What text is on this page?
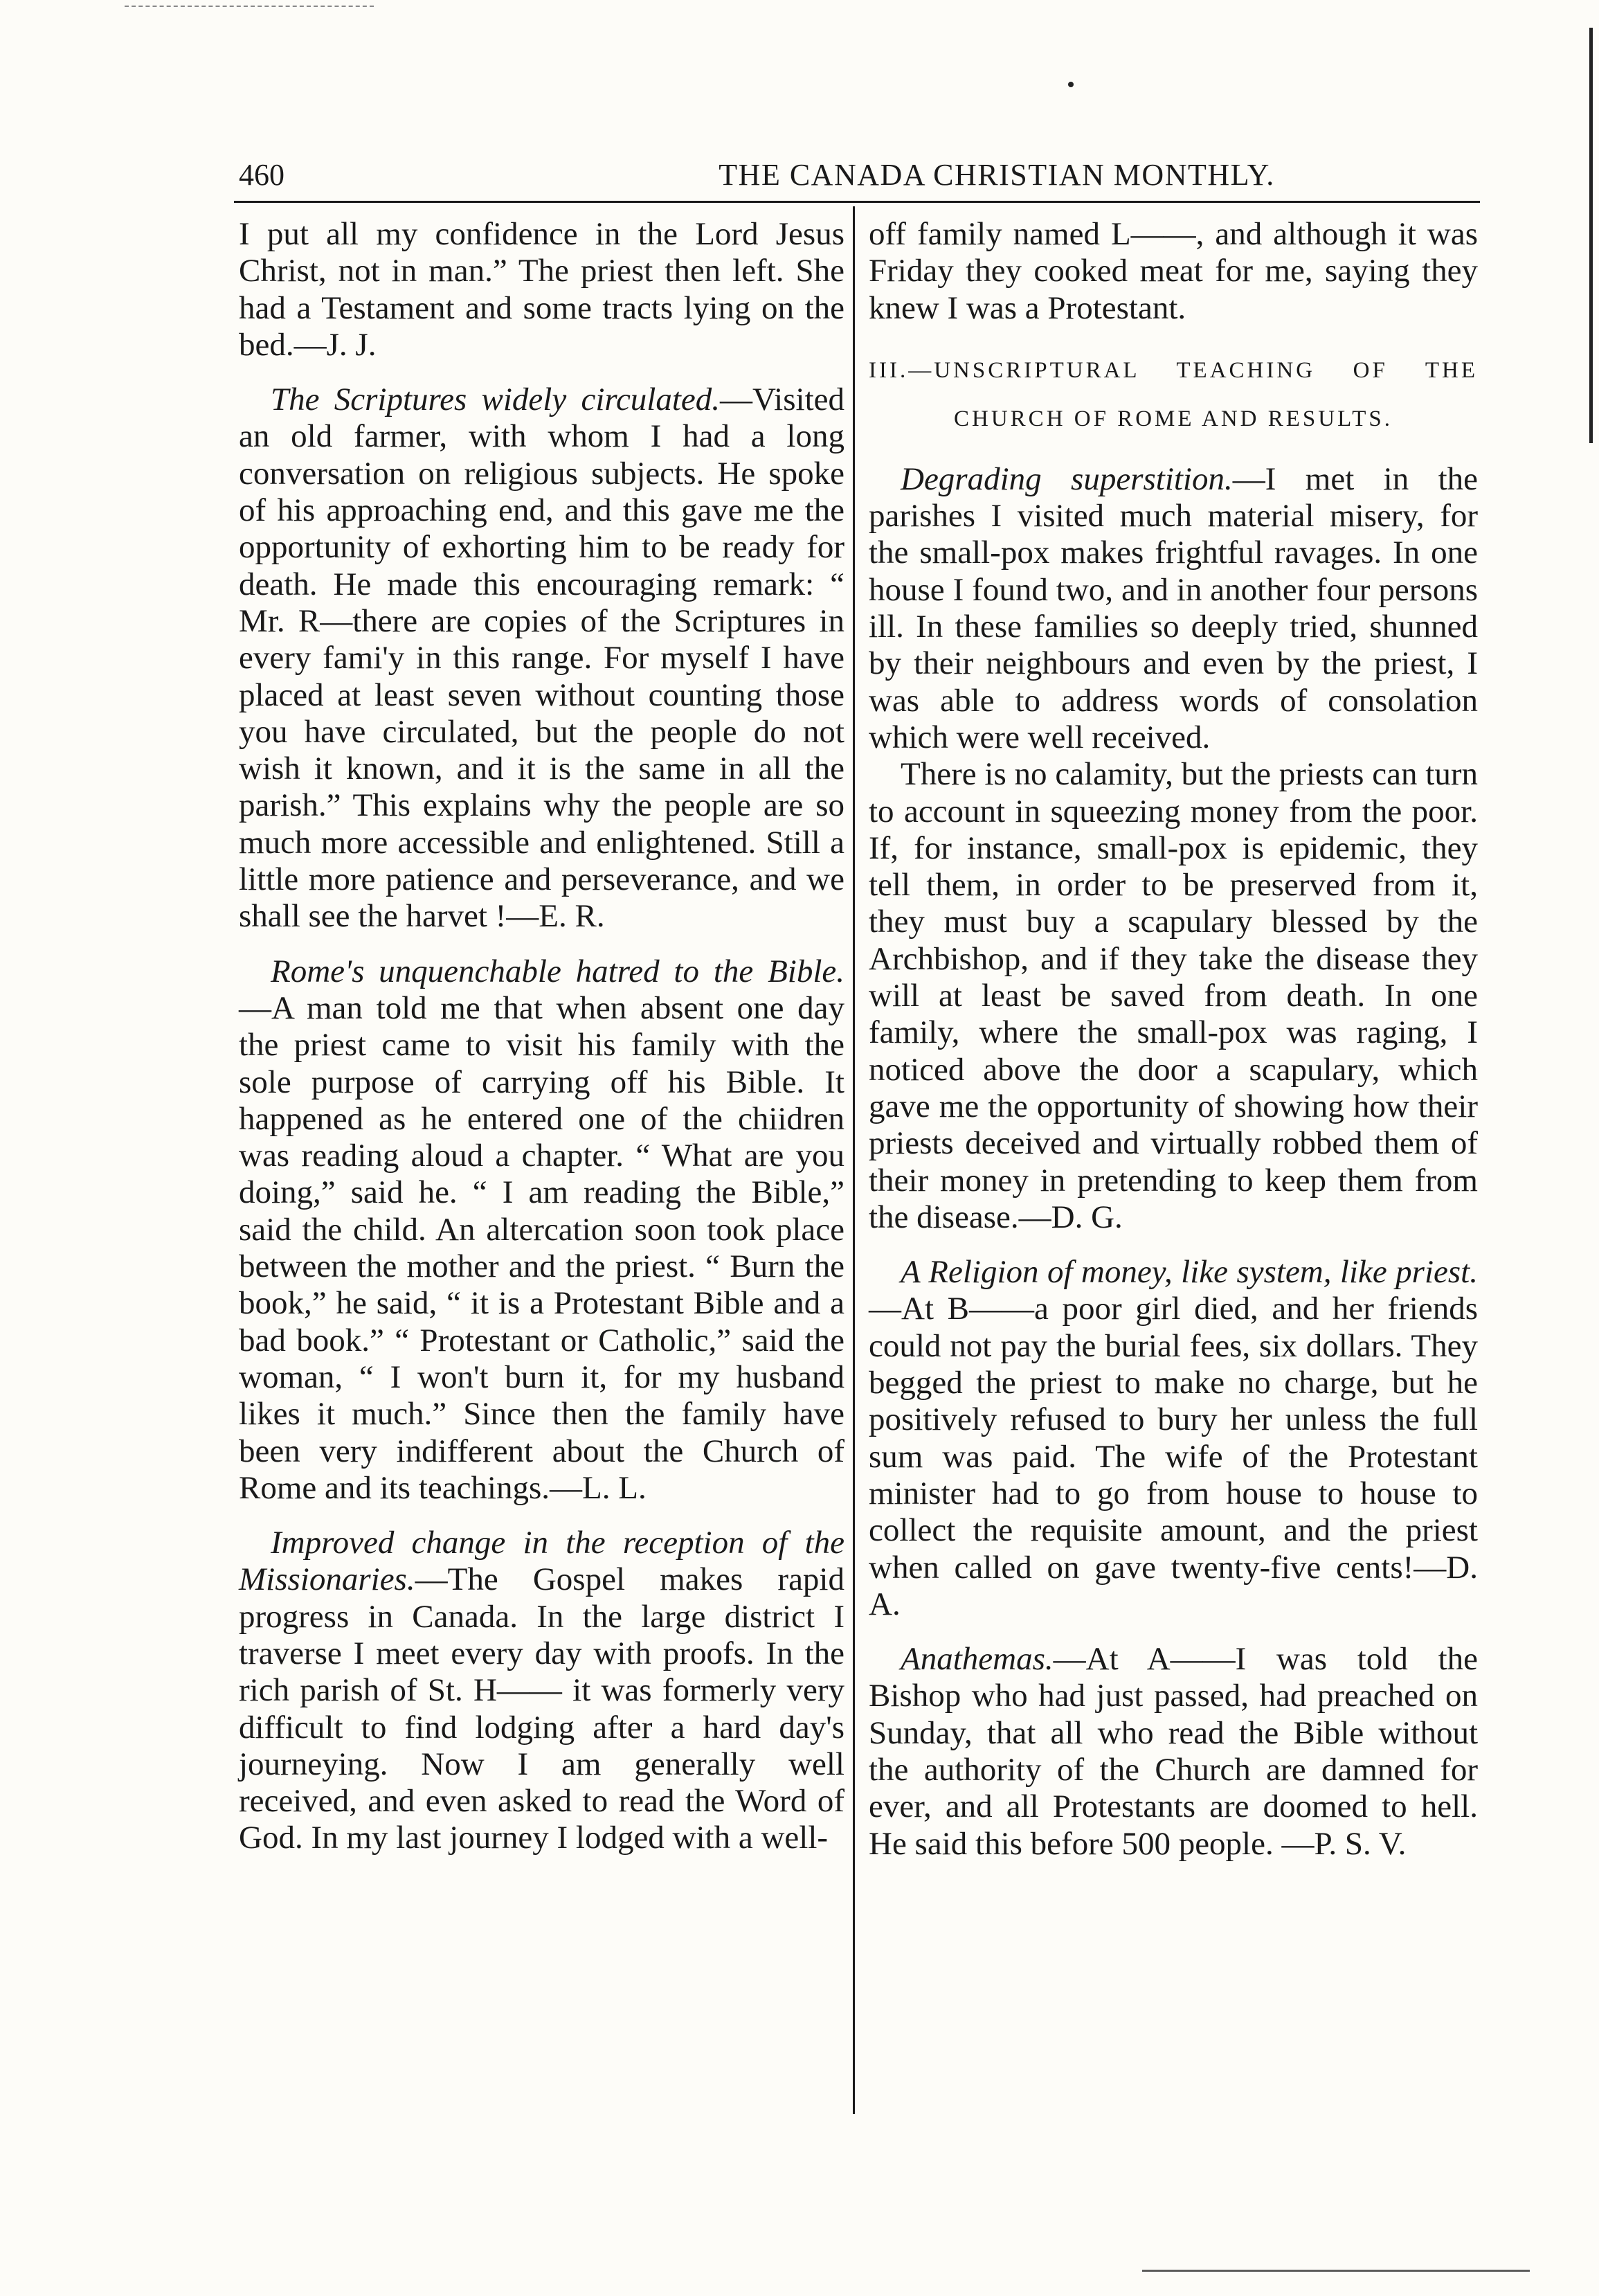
460	THE CANADA CHRISTIAN MONTHLY.

I put all my confidence in the Lord Jesus Christ, not in man.” The priest then left. She had a Testament and some tracts lying on the bed.—J. J.

The Scriptures widely circulated.—Visited an old farmer, with whom I had a long conversation on religious subjects. He spoke of his approaching end, and this gave me the opportunity of exhorting him to be ready for death. He made this encouraging remark: “ Mr. R—there are copies of the Scriptures in every fami'y in this range. For myself I have placed at least seven without counting those you have circulated, but the people do not wish it known, and it is the same in all the parish.” This explains why the people are so much more accessible and enlightened. Still a little more patience and perseverance, and we shall see the harvet !—E. R.

Rome's unquenchable hatred to the Bible.—A man told me that when absent one day the priest came to visit his family with the sole purpose of carrying off his Bible. It happened as he entered one of the chiidren was reading aloud a chapter. “ What are you doing,” said he. “ I am reading the Bible,” said the child. An altercation soon took place between the mother and the priest. “ Burn the book,” he said, “ it is a Protestant Bible and a bad book.” “ Protestant or Catholic,” said the woman, “ I won't burn it, for my husband likes it much.” Since then the family have been very indifferent about the Church of Rome and its teachings.—L. L.

Improved change in the reception of the Missionaries.—The Gospel makes rapid progress in Canada. In the large district I traverse I meet every day with proofs. In the rich parish of St. H—— it was formerly very difficult to find lodging after a hard day's journeying. Now I am generally well received, and even asked to read the Word of God. In my last journey I lodged with a well-

off family named L——, and although it was Friday they cooked meat for me, saying they knew I was a Protestant.

III.—UNSCRIPTURAL TEACHING OF THE
CHURCH OF ROME AND RESULTS.

Degrading superstition.—I met in the parishes I visited much material misery, for the small-pox makes frightful ravages. In one house I found two, and in another four persons ill. In these families so deeply tried, shunned by their neighbours and even by the priest, I was able to address words of consolation which were well received.

There is no calamity, but the priests can turn to account in squeezing money from the poor. If, for instance, small-pox is epidemic, they tell them, in order to be preserved from it, they must buy a scapulary blessed by the Archbishop, and if they take the disease they will at least be saved from death. In one family, where the small-pox was raging, I noticed above the door a scapulary, which gave me the opportunity of showing how their priests deceived and virtually robbed them of their money in pretending to keep them from the disease.—D. G.

A Religion of money, like system, like priest.—At B——a poor girl died, and her friends could not pay the burial fees, six dollars. They begged the priest to make no charge, but he positively refused to bury her unless the full sum was paid. The wife of the Protestant minister had to go from house to house to collect the requisite amount, and the priest when called on gave twenty-five cents!—D. A.

Anathemas.—At A——I was told the Bishop who had just passed, had preached on Sunday, that all who read the Bible without the authority of the Church are damned for ever, and all Protestants are doomed to hell. He said this before 500 people. —P. S. V.
